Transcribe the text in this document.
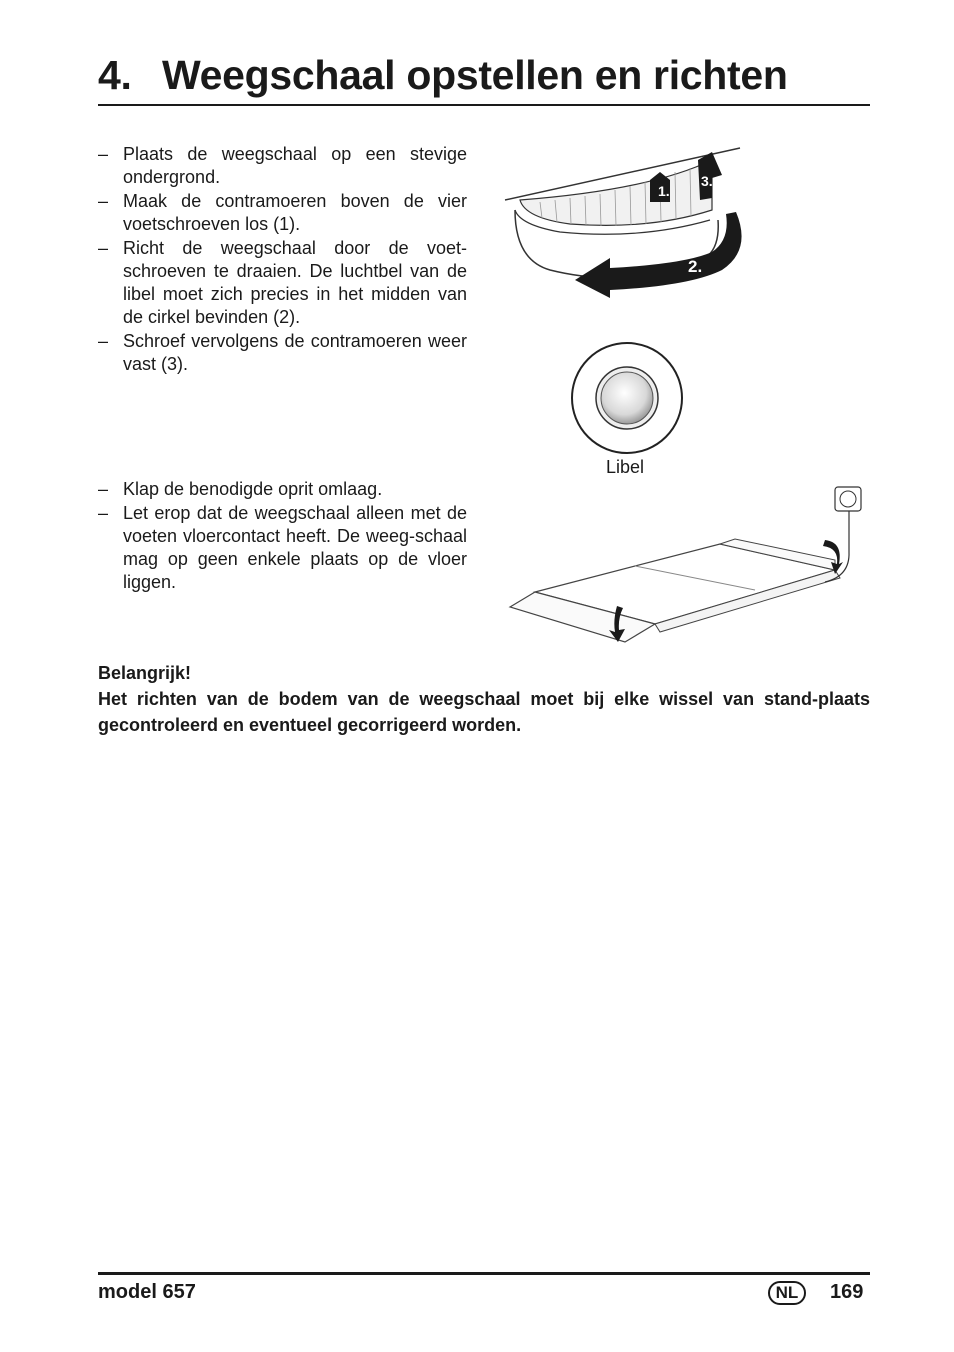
4. Weegschaal opstellen en richten
– Plaats de weegschaal op een stevige ondergrond.
– Maak de contramoeren boven de vier voetschroeven los (1).
– Richt de weegschaal door de voet-schroeven te draaien. De luchtbel van de libel moet zich precies in het midden van de cirkel bevinden (2).
– Schroef vervolgens de contramoeren weer vast (3).
1.
3.
2.
Libel
– Klap de benodigde oprit omlaag.
– Let erop dat de weegschaal alleen met de voeten vloercontact heeft. De weeg-schaal mag op geen enkele plaats op de vloer liggen.
Belangrijk!
Het richten van de bodem van de weegschaal moet bij elke wissel van stand-plaats gecontroleerd en eventueel gecorrigeerd worden.
model 657	NL	169
